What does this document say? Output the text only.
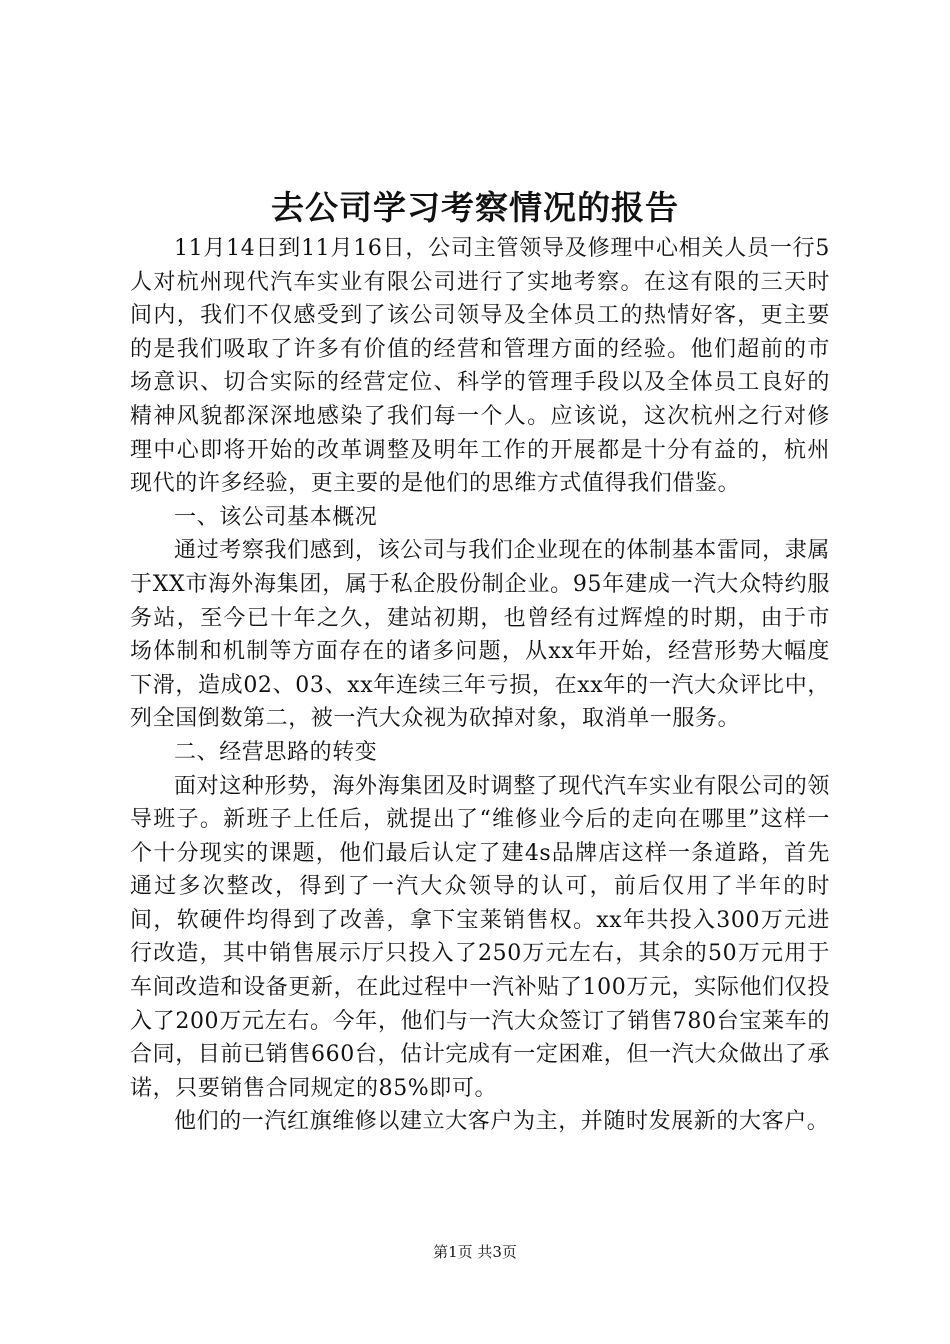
去公司学习考察情况的报告

11月14日到11月16日，公司主管领导及修理中心相关人员一行5人对杭州现代汽车实业有限公司进行了实地考察。在这有限的三天时间内，我们不仅感受到了该公司领导及全体员工的热情好客，更主要的是我们吸取了许多有价值的经营和管理方面的经验。他们超前的市场意识、切合实际的经营定位、科学的管理手段以及全体员工良好的精神风貌都深深地感染了我们每一个人。应该说，这次杭州之行对修理中心即将开始的改革调整及明年工作的开展都是十分有益的，杭州现代的许多经验，更主要的是他们的思维方式值得我们借鉴。

一、该公司基本概况

通过考察我们感到，该公司与我们企业现在的体制基本雷同，隶属于XX市海外海集团，属于私企股份制企业。95年建成一汽大众特约服务站，至今已十年之久，建站初期，也曾经有过辉煌的时期，由于市场体制和机制等方面存在的诸多问题，从xx年开始，经营形势大幅度下滑，造成02、03、xx年连续三年亏损，在xx年的一汽大众评比中，列全国倒数第二，被一汽大众视为砍掉对象，取消单一服务。

二、经营思路的转变

面对这种形势，海外海集团及时调整了现代汽车实业有限公司的领导班子。新班子上任后，就提出了“维修业今后的走向在哪里”这样一个十分现实的课题，他们最后认定了建4s品牌店这样一条道路，首先通过多次整改，得到了一汽大众领导的认可，前后仅用了半年的时间，软硬件均得到了改善，拿下宝莱销售权。xx年共投入300万元进行改造，其中销售展示厅只投入了250万元左右，其余的50万元用于车间改造和设备更新，在此过程中一汽补贴了100万元，实际他们仅投入了200万元左右。今年，他们与一汽大众签订了销售780台宝莱车的合同，目前已销售660台，估计完成有一定困难，但一汽大众做出了承诺，只要销售合同规定的85%即可。

他们的一汽红旗维修以建立大客户为主，并随时发展新的大客户。

第1页 共3页
